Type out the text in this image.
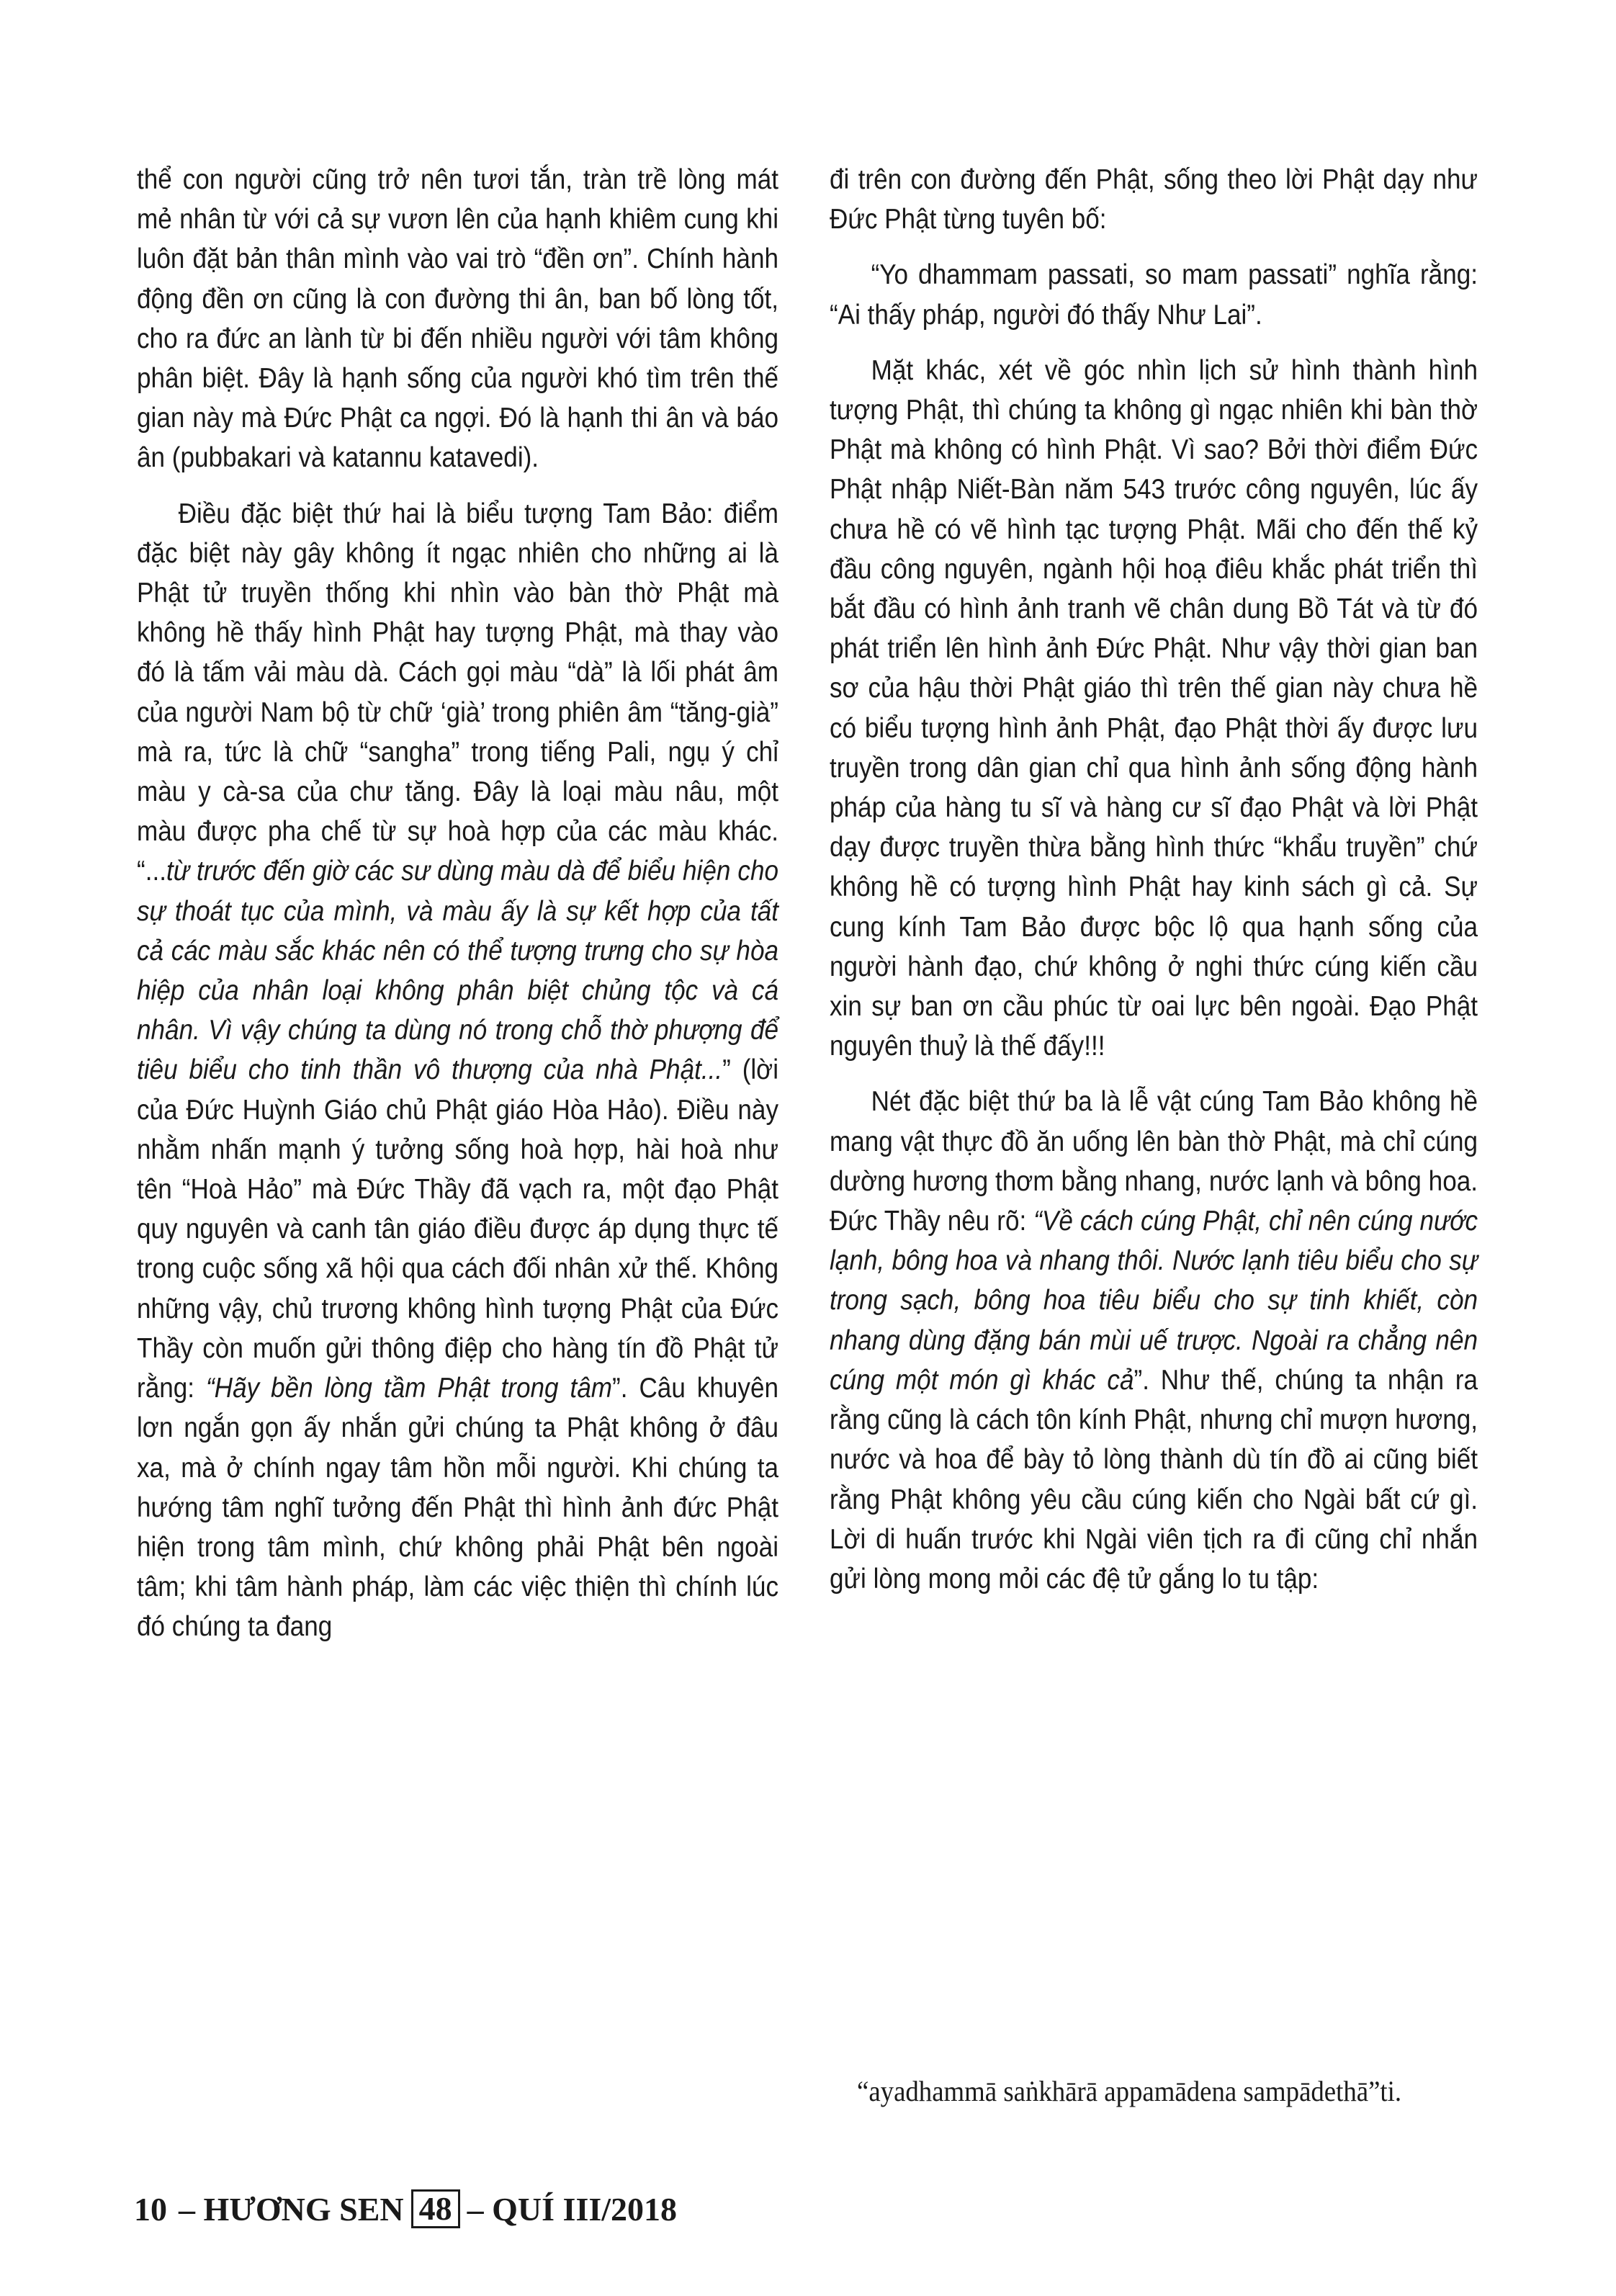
thể con người cũng trở nên tươi tắn, tràn trề lòng mát mẻ nhân từ với cả sự vươn lên của hạnh khiêm cung khi luôn đặt bản thân mình vào vai trò “đền ơn”. Chính hành động đền ơn cũng là con đường thi ân, ban bố lòng tốt, cho ra đức an lành từ bi đến nhiều người với tâm không phân biệt. Đây là hạnh sống của người khó tìm trên thế gian này mà Đức Phật ca ngợi. Đó là hạnh thi ân và báo ân (pubbakari và katannu katavedi).

Điều đặc biệt thứ hai là biểu tượng Tam Bảo: điểm đặc biệt này gây không ít ngạc nhiên cho những ai là Phật tử truyền thống khi nhìn vào bàn thờ Phật mà không hề thấy hình Phật hay tượng Phật, mà thay vào đó là tấm vải màu dà. Cách gọi màu “dà” là lối phát âm của người Nam bộ từ chữ ‘già’ trong phiên âm “tăng-già” mà ra, tức là chữ “sangha” trong tiếng Pali, ngụ ý chỉ màu y cà-sa của chư tăng. Đây là loại màu nâu, một màu được pha chế từ sự hoà hợp của các màu khác. “...từ trước đến giờ các sư dùng màu dà để biểu hiện cho sự thoát tục của mình, và màu ấy là sự kết hợp của tất cả các màu sắc khác nên có thể tượng trưng cho sự hòa hiệp của nhân loại không phân biệt chủng tộc và cá nhân. Vì vậy chúng ta dùng nó trong chỗ thờ phượng để tiêu biểu cho tinh thần vô thượng của nhà Phật...” (lời của Đức Huỳnh Giáo chủ Phật giáo Hòa Hảo). Điều này nhằm nhấn mạnh ý tưởng sống hoà hợp, hài hoà như tên “Hoà Hảo” mà Đức Thầy đã vạch ra, một đạo Phật quy nguyên và canh tân giáo điều được áp dụng thực tế trong cuộc sống xã hội qua cách đối nhân xử thế. Không những vậy, chủ trương không hình tượng Phật của Đức Thầy còn muốn gửi thông điệp cho hàng tín đồ Phật tử rằng: “Hãy bền lòng tầm Phật trong tâm”. Câu khuyên lơn ngắn gọn ấy nhắn gửi chúng ta Phật không ở đâu xa, mà ở chính ngay tâm hồn mỗi người. Khi chúng ta hướng tâm nghĩ tưởng đến Phật thì hình ảnh đức Phật hiện trong tâm mình, chứ không phải Phật bên ngoài tâm; khi tâm hành pháp, làm các việc thiện thì chính lúc đó chúng ta đang

đi trên con đường đến Phật, sống theo lời Phật dạy như Đức Phật từng tuyên bố:

“Yo dhammam passati, so mam passati” nghĩa rằng: “Ai thấy pháp, người đó thấy Như Lai”.

Mặt khác, xét về góc nhìn lịch sử hình thành hình tượng Phật, thì chúng ta không gì ngạc nhiên khi bàn thờ Phật mà không có hình Phật. Vì sao? Bởi thời điểm Đức Phật nhập Niết-Bàn năm 543 trước công nguyên, lúc ấy chưa hề có vẽ hình tạc tượng Phật. Mãi cho đến thế kỷ đầu công nguyên, ngành hội hoạ điêu khắc phát triển thì bắt đầu có hình ảnh tranh vẽ chân dung Bồ Tát và từ đó phát triển lên hình ảnh Đức Phật. Như vậy thời gian ban sơ của hậu thời Phật giáo thì trên thế gian này chưa hề có biểu tượng hình ảnh Phật, đạo Phật thời ấy được lưu truyền trong dân gian chỉ qua hình ảnh sống động hành pháp của hàng tu sĩ và hàng cư sĩ đạo Phật và lời Phật dạy được truyền thừa bằng hình thức “khẩu truyền” chứ không hề có tượng hình Phật hay kinh sách gì cả. Sự cung kính Tam Bảo được bộc lộ qua hạnh sống của người hành đạo, chứ không ở nghi thức cúng kiến cầu xin sự ban ơn cầu phúc từ oai lực bên ngoài. Đạo Phật nguyên thuỷ là thế đấy!!!

Nét đặc biệt thứ ba là lễ vật cúng Tam Bảo không hề mang vật thực đồ ăn uống lên bàn thờ Phật, mà chỉ cúng dường hương thơm bằng nhang, nước lạnh và bông hoa. Đức Thầy nêu rõ: “Về cách cúng Phật, chỉ nên cúng nước lạnh, bông hoa và nhang thôi. Nước lạnh tiêu biểu cho sự trong sạch, bông hoa tiêu biểu cho sự tinh khiết, còn nhang dùng đặng bán mùi uế trược. Ngoài ra chẳng nên cúng một món gì khác cả”. Như thế, chúng ta nhận ra rằng cũng là cách tôn kính Phật, nhưng chỉ mượn hương, nước và hoa để bày tỏ lòng thành dù tín đồ ai cũng biết rằng Phật không yêu cầu cúng kiến cho Ngài bất cứ gì. Lời di huấn trước khi Ngài viên tịch ra đi cũng chỉ nhắn gửi lòng mong mỏi các đệ tử gắng lo tu tập:

“ayadhammā saṅkhārā appamādena sampādethā”ti.
10 – HƯƠNG SEN 48 – QUÍ III/2018
